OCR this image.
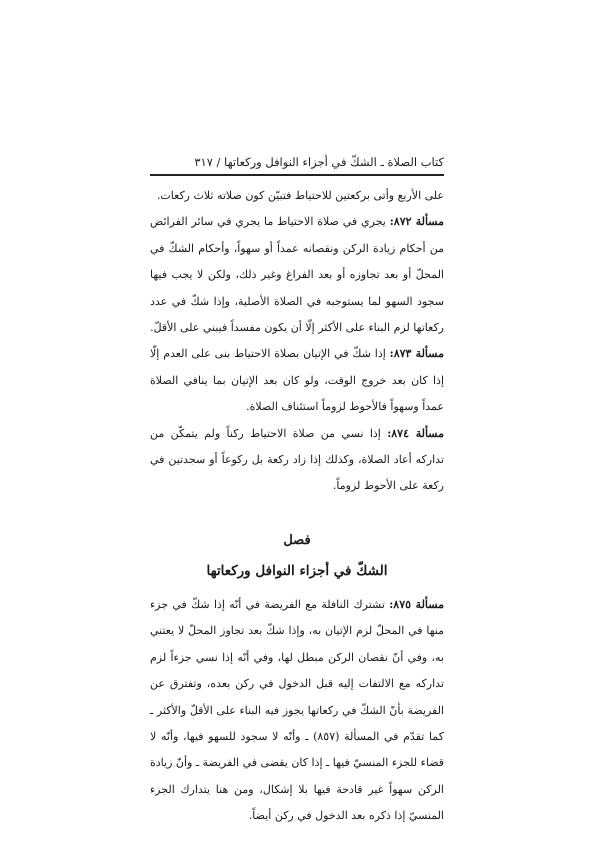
كتاب الصلاة ـ الشكّ في أجزاء النوافل وركعاتها / ٣١٧

على الأربع وأتى بركعتين للاحتياط فتبيّن كون صلاته ثلاث ركعات.

مسألة ٨٧٢: يجري في صلاة الاحتياط ما يجري في سائر الفرائض من أحكام زيادة الركن ونقصانه عمداً أو سهواً، وأحكام الشكّ في المحلّ أو بعد تجاوزه أو بعد الفراغ وغير ذلك، ولكن لا يجب فيها سجود السهو لما يستوجبه في الصلاة الأصلية، وإذا شكّ في عدد ركعاتها لزم البناء على الأكثر إلّا أن يكون مفسداً فيبني على الأقلّ.

مسألة ٨٧٣: إذا شكّ في الإتيان بصلاة الاحتياط بنى على العدم إلّا إذا كان بعد خروج الوقت، ولو كان بعد الإتيان بما ينافي الصلاة عمداً وسهواً فالأحوط لزوماً استئناف الصلاة.

مسألة ٨٧٤: إذا نسي من صلاة الاحتياط ركناً ولم يتمكّن من تداركه أعاد الصلاة، وكذلك إذا زاد ركعة بل ركوعاً أو سجدتين في ركعة على الأحوط لزوماً.

فصل
الشكّ في أجزاء النوافل وركعاتها

مسألة ٨٧٥: تشترك النافلة مع الفريضة في أنّه إذا شكّ في جزء منها في المحلّ لزم الإتيان به، وإذا شكّ بعد تجاوز المحلّ لا يعتني به، وفي أنّ نقصان الركن مبطل لها، وفي أنّه إذا نسي جزءاً لزم تداركه مع الالتفات إليه قبل الدخول في ركن بعده، وتفترق عن الفريضة بأنّ الشكّ في ركعاتها يجوز فيه البناء على الأقلّ والأكثر ـ كما تقدّم في المسألة (٨٥٧) ـ وأنّه لا سجود للسهو فيها، وأنّه لا قضاء للجزء المنسيّ فيها ـ إذا كان يقضى في الفريضة ـ وأنّ زيادة الركن سهواً غير قادحة فيها بلا إشكال، ومن هنا يتدارك الجزء المنسيّ إذا ذكره بعد الدخول في ركن أيضاً.
